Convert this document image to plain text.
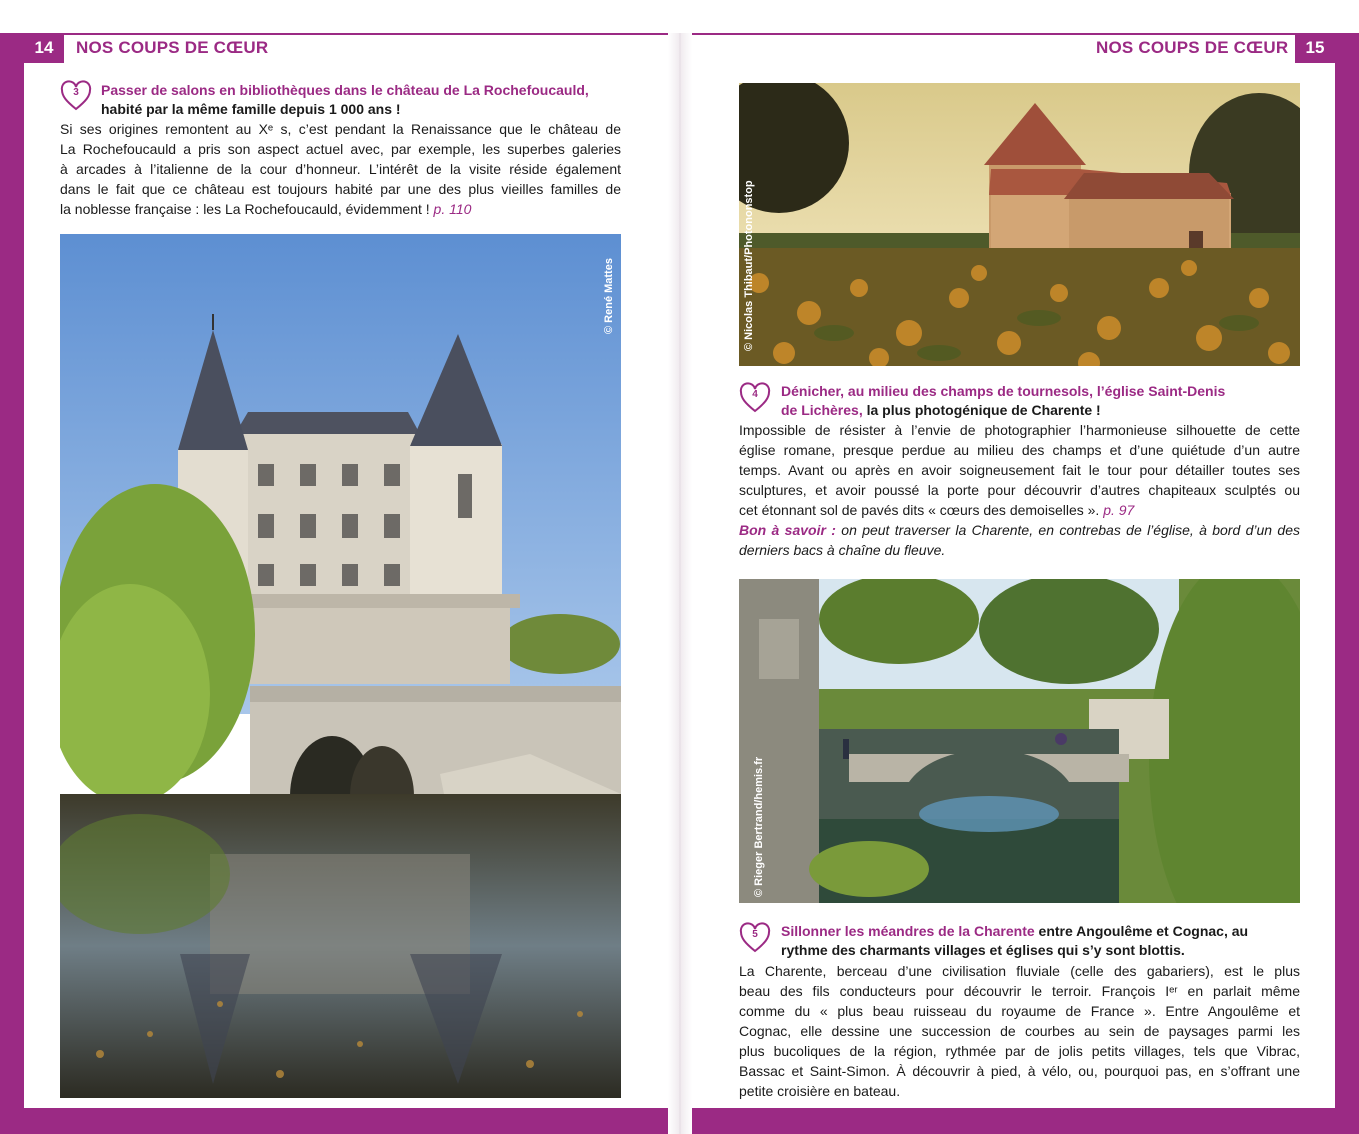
14	NOS COUPS DE CŒUR
3	Passer de salons en bibliothèques dans le château de La Rochefoucauld,
habité par la même famille depuis 1 000 ans !
Si ses origines remontent au Xᵉ s, c’est pendant la Renaissance que le château de
La Rochefoucauld a pris son aspect actuel avec, par exemple, les superbes galeries
à arcades à l’italienne de la cour d’honneur. L’intérêt de la visite réside également
dans le fait que ce château est toujours habité par une des plus vieilles familles de
la noblesse française : les La Rochefoucauld, évidemment ! p. 110
© René Mattes
15
NOS COUPS DE CŒUR
© Nicolas Thibaut/Photononstop
4	Dénicher, au milieu des champs de tournesols, l’église Saint-Denis
de Lichères, la plus photogénique de Charente !
Impossible de résister à l’envie de photographier l’harmonieuse silhouette de cette
église romane, presque perdue au milieu des champs et d’une quiétude d’un autre
temps. Avant ou après en avoir soigneusement fait le tour pour détailler toutes ses
sculptures, et avoir poussé la porte pour découvrir d’autres chapiteaux sculptés ou
cet étonnant sol de pavés dits « cœurs des demoiselles ». p. 97
Bon à savoir : on peut traverser la Charente, en contrebas de l’église, à bord d’un des
derniers bacs à chaîne du fleuve.
© Rieger Bertrand/hemis.fr
5	Sillonner les méandres de la Charente entre Angoulême et Cognac, au
rythme des charmants villages et églises qui s’y sont blottis.
La Charente, berceau d’une civilisation fluviale (celle des gabariers), est le plus
beau des fils conducteurs pour découvrir le terroir. François Iᵉʳ en parlait même
comme du « plus beau ruisseau du royaume de France ». Entre Angoulême et
Cognac, elle dessine une succession de courbes au sein de paysages parmi les
plus bucoliques de la région, rythmée par de jolis petits villages, tels que Vibrac,
Bassac et Saint-Simon. À découvrir à pied, à vélo, ou, pourquoi pas, en s’offrant une
petite croisière en bateau.
